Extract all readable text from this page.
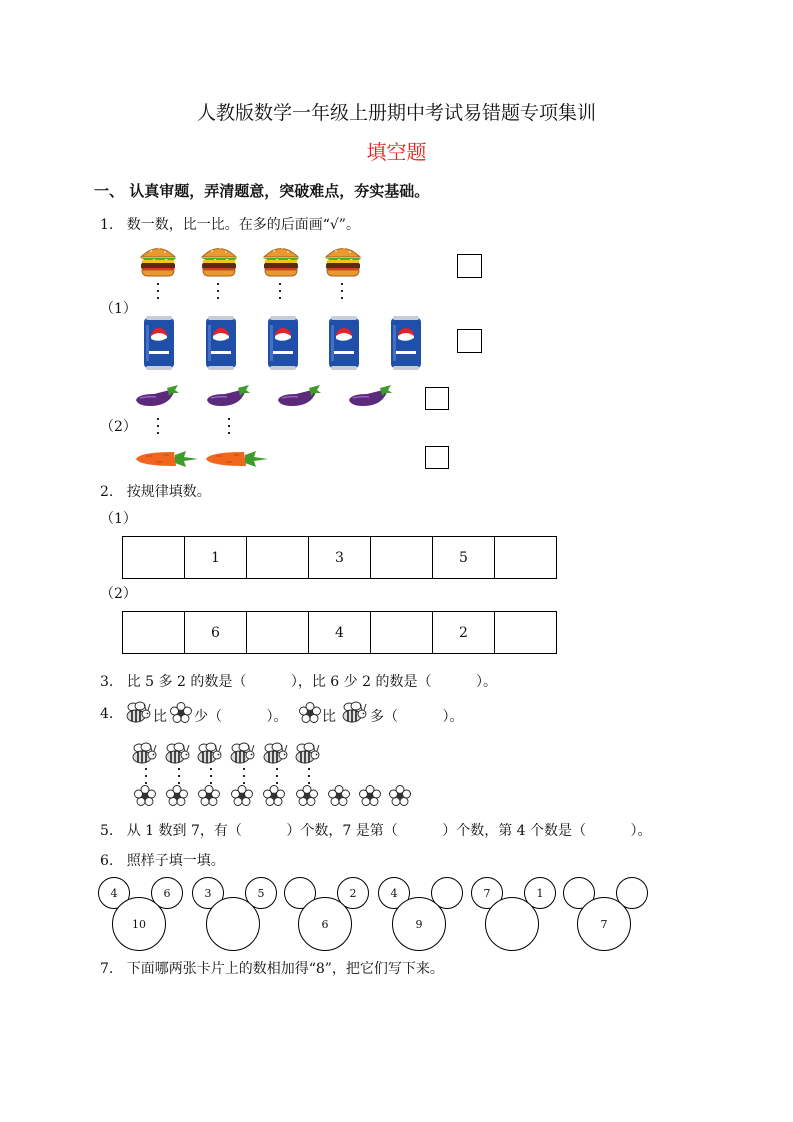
人教版数学一年级上册期中考试易错题专项集训
填空题
一、 认真审题，弄清题意，突破难点，夯实基础。
1.   数一数，比一比。在多的后面画“√”。
（1）
（2）
2.   按规律填数。
（1）
	1		3		5	
（2）
	6		4		2	
3.   比 5 多 2 的数是（          ），比 6 少 2 的数是（          ）。
4.	比 少（          ）。 比 多（          ）。
5.   从 1 数到 7，有（          ）个数，7 是第（          ）个数，第 4 个数是（          ）。
6.   照样子填一填。
4	6
10
3	5	2
6
4
9
7	1
7
7.   下面哪两张卡片上的数相加得“8”，把它们写下来。
